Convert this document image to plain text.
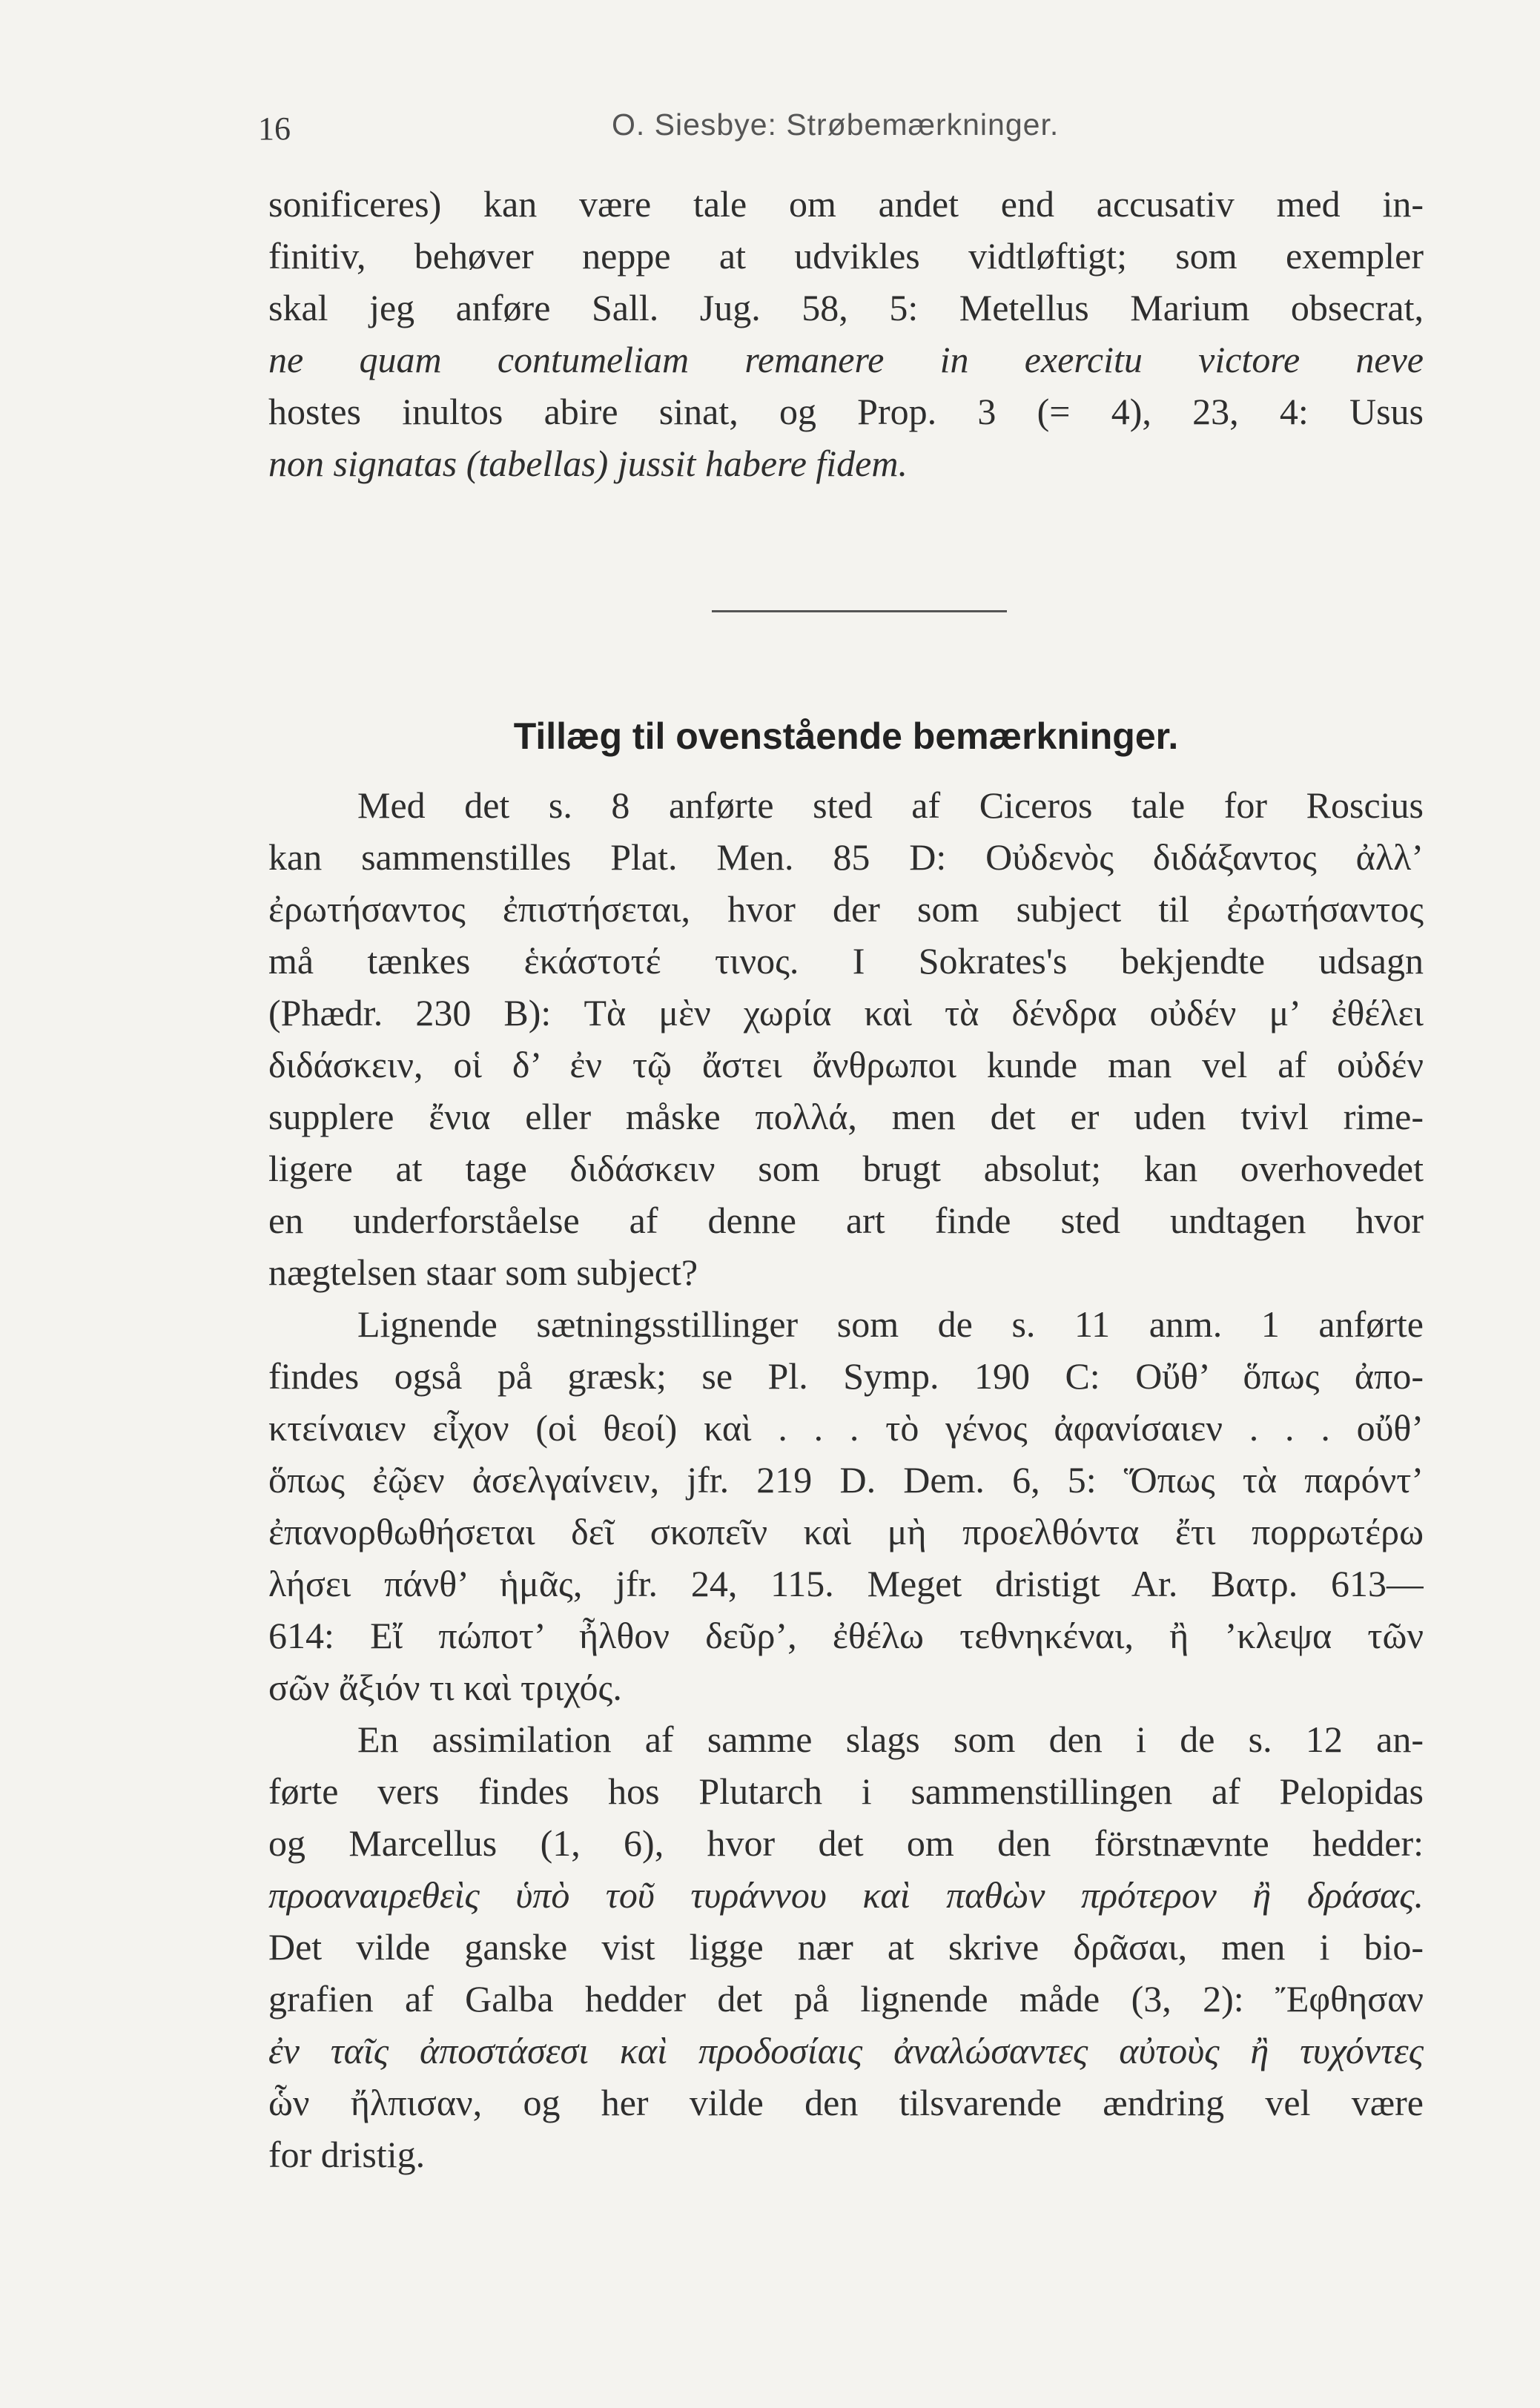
16	O. Siesbye: Strøbemærkninger.
sonificeres) kan være tale om andet end accusativ med in-
finitiv, behøver neppe at udvikles vidtløftigt; som exempler
skal jeg anføre Sall. Jug. 58, 5: Metellus Marium obsecrat,
ne quam contumeliam remanere in exercitu victore neve
hostes inultos abire sinat, og Prop. 3 (= 4), 23, 4: Usus
non signatas (tabellas) jussit habere fidem.
Tillæg til ovenstående bemærkninger.
Med det s. 8 anførte sted af Ciceros tale for Roscius
kan sammenstilles Plat. Men. 85 D: Οὐδενὸς διδάξαντος ἀλλ’
ἐρωτήσαντος ἐπιστήσεται, hvor der som subject til ἐρωτήσαντος
må tænkes ἑκάστοτέ τινος. I Sokrates's bekjendte udsagn
(Phædr. 230 B): Τὰ μὲν χωρία καὶ τὰ δένδρα οὐδέν μ’ ἐθέλει
διδάσκειν, οἱ δ’ ἐν τῷ ἄστει ἄνθρωποι kunde man vel af οὐδέν
supplere ἔνια eller måske πολλά, men det er uden tvivl rime-
ligere at tage διδάσκειν som brugt absolut; kan overhovedet
en underforståelse af denne art finde sted undtagen hvor
nægtelsen staar som subject?
Lignende sætningsstillinger som de s. 11 anm. 1 anførte
findes også på græsk; se Pl. Symp. 190 C: Οὔθ’ ὅπως ἀπο-
κτείναιεν εἶχον (οἱ θεοί) καὶ . . . τὸ γένος ἀφανίσαιεν . . . οὔθ’
ὅπως ἐῷεν ἀσελγαίνειν, jfr. 219 D. Dem. 6, 5: Ὅπως τὰ παρόντ’
ἐπανορθωθήσεται δεῖ σκοπεῖν καὶ μὴ προελθόντα ἔτι πορρωτέρω
λήσει πάνθ’ ἡμᾶς, jfr. 24, 115. Meget dristigt Ar. Βατρ. 613—
614: Εἴ πώποτ’ ἦλθον δεῦρ’, ἐθέλω τεθνηκέναι, ἢ ’κλεψα τῶν
σῶν ἄξιόν τι καὶ τριχός.
En assimilation af samme slags som den i de s. 12 an-
førte vers findes hos Plutarch i sammenstillingen af Pelopidas
og Marcellus (1, 6), hvor det om den förstnævnte hedder:
προαναιρεθεὶς ὑπὸ τοῦ τυράννου καὶ παθὼν πρότερον ἢ δράσας.
Det vilde ganske vist ligge nær at skrive δρᾶσαι, men i bio-
grafien af Galba hedder det på lignende måde (3, 2): Ἔφθησαν
ἐν ταῖς ἀποστάσεσι καὶ προδοσίαις ἀναλώσαντες αὐτοὺς ἢ τυχόντες
ὧν ἤλπισαν, og her vilde den tilsvarende ændring vel være
for dristig.
